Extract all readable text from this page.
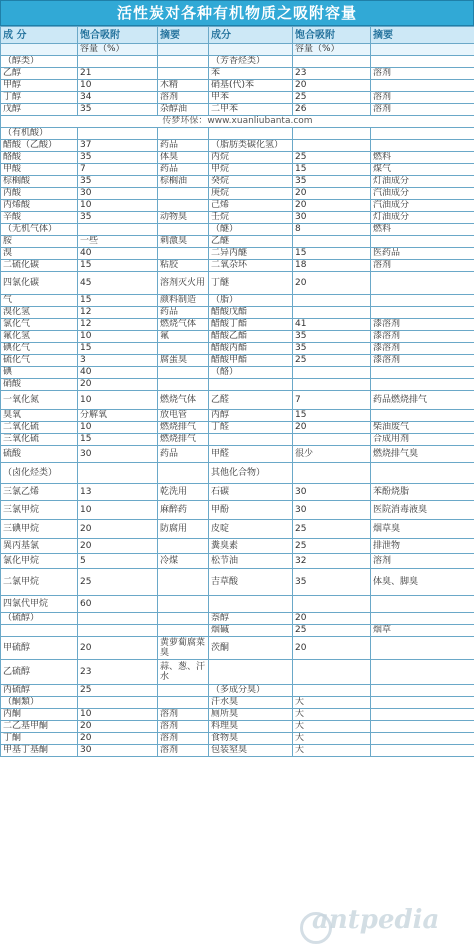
活性炭对各种有机物质之吸附容量
成 分	饱合吸附	摘要	成分	饱合吸附	摘要
	容量（%）			容量（%）	
（醇类）			（芳香烃类）		
乙醇	21		苯	23	溶剂
甲醇	10	木精	硝基(代)苯	20	
丁醇	34	溶剂	甲苯	25	溶剂
戊醇	35	杂醇油	二甲苯	26	溶剂
传梦环保：www.xuanliubanta.com					
（有机酸）					
醋酸（乙酸）	37	药品	（脂肪类碳化氢）		
酪酸	35	体臭	丙烷	25	燃料
甲酸	7	药品	甲烷	15	煤气
棕榈酸	35	棕榈油	癸烷	35	灯油成分
丙酸	30		庚烷	20	汽油成分
丙烯酸	10		己烯	20	汽油成分
辛酸	35	动物臭	壬烷	30	灯油成分
（无机气体）			（醚）	8	燃料
胺	一些	刺激臭	乙醚		
溴	40		二异丙醚	15	医药品
二硫化碳	15	粘胶	二氧杂环	18	溶剂
四氯化碳	45	溶剂灭火用	丁醚	20	
气	15	颜料制造	（脂）		
溴化氢	12	药品	醋酸戊酯		
氯化气	12	燃烧气体	醋酸丁酯	41	漆溶剂
氟化氢	10	氟	醋酸乙酯	35	漆溶剂
碘化气	15		醋酸丙酯	35	漆溶剂
硫化气	3	腐蛋臭	醋酸甲酯	25	漆溶剂
碘	40		（酪）		
硝酸	20				
一氧化氮	10	燃烧气体	乙醛	7	药品燃烧排气
臭氧	分解氧	放电管	丙醇	15	
二氧化硫	10	燃烧排气	丁醛	20	柴油废气
三氧化硫	15	燃烧排气			合成用剂
硫酸	30	药品	甲醛	很少	燃烧排气臭
（卤化烃类）			其他化合物）		
三氯乙烯	13	乾洗用	石碳	30	苯酚烧脂
三氯甲烷	10	麻醉药	甲酚	30	医院消毒液臭
三碘甲烷	20	防腐用	皮啶	25	烟草臭
異丙基氯	20		糞臭素	25	排泄物
氯化甲烷	5	冷煤	松节油	32	溶剂
二氯甲烷	25		吉草酸	35	体臭、脚臭
四氯代甲烷	60				
（硫醇）			萘醇	20	
			烟碱	25	烟草
甲硫醇	20	黄萝蔔腐菜臭	茨酮	20	
乙硫醇	23	蒜、葱、汗水			
丙硫醇	25		（多成分臭）		
（酮類）			汗水臭	大	
丙酮	10	溶剂	厕所臭	大	
二乙基甲酮	20	溶剂	料理臭	大	
丁酮	20	溶剂	食物臭	大	
甲基丁基酮	30	溶剂	包装窒臭	大	
antpedia
